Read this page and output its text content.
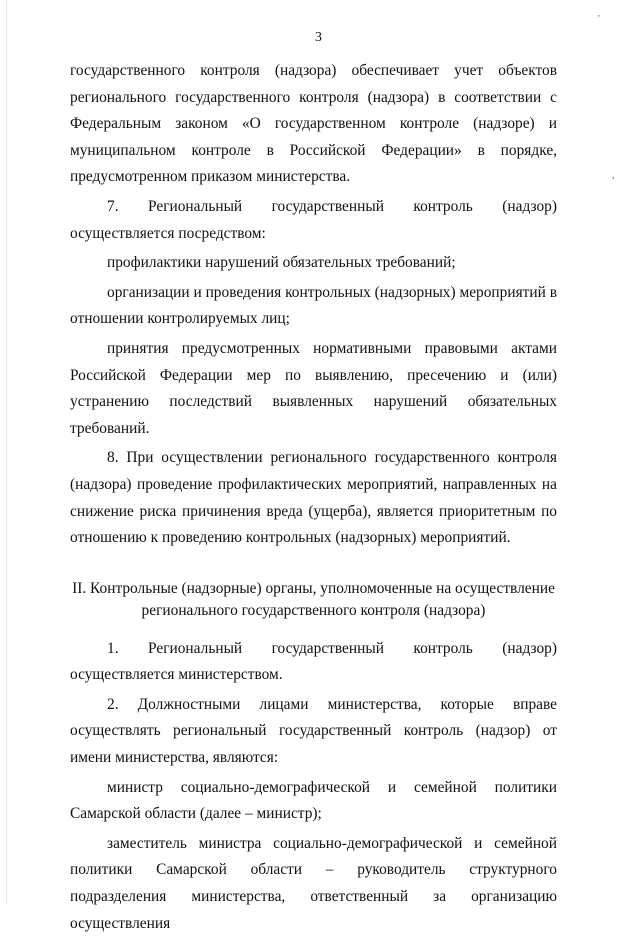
'
,
3

государственного контроля (надзора) обеспечивает учет объектов регионального государственного контроля (надзора) в соответствии с Федеральным законом «О государственном контроле (надзоре) и муниципальном контроле в Российской Федерации» в порядке, предусмотренном приказом министерства.

7. Региональный государственный контроль (надзор) осуществляется посредством:

профилактики нарушений обязательных требований;

организации и проведения контрольных (надзорных) мероприятий в отношении контролируемых лиц;

принятия предусмотренных нормативными правовыми актами Российской Федерации мер по выявлению, пресечению и (или) устранению последствий выявленных нарушений обязательных требований.

8. При осуществлении регионального государственного контроля (надзора) проведение профилактических мероприятий, направленных на снижение риска причинения вреда (ущерба), является приоритетным по отношению к проведению контрольных (надзорных) мероприятий.

II. Контрольные (надзорные) органы, уполномоченные на осуществление
регионального государственного контроля (надзора)

1. Региональный государственный контроль (надзор) осуществляется министерством.

2. Должностными лицами министерства, которые вправе осуществлять региональный государственный контроль (надзор) от имени министерства, являются:

министр социально-демографической и семейной политики Самарской области (далее – министр);

заместитель министра социально-демографической и семейной политики Самарской области – руководитель структурного подразделения министерства, ответственный за организацию осуществления
